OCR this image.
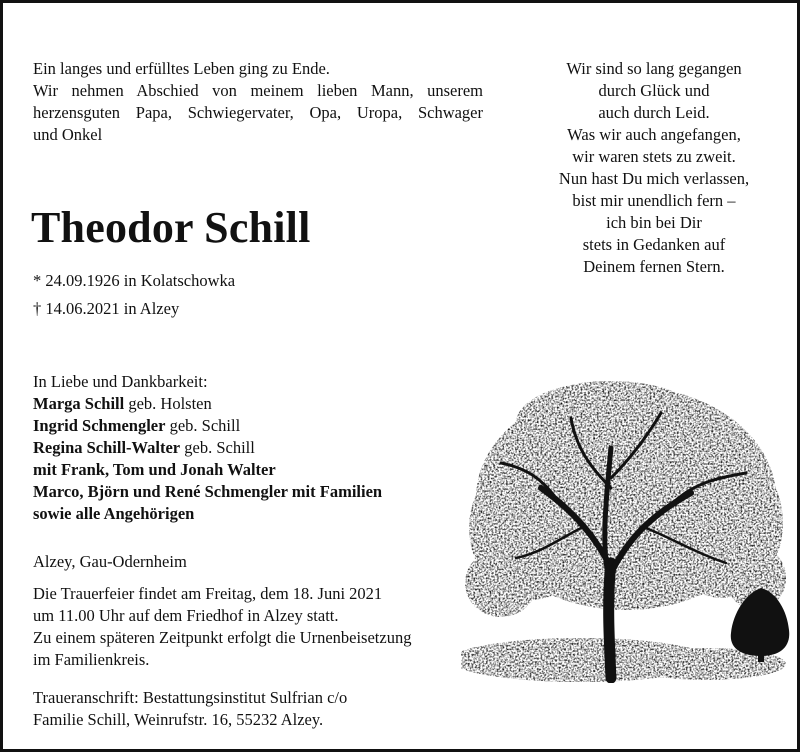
Ein langes und erfülltes Leben ging zu Ende.
Wir nehmen Abschied von meinem lieben Mann, unserem
herzensguten Papa, Schwiegervater, Opa, Uropa, Schwager
und Onkel
Wir sind so lang gegangen
durch Glück und
auch durch Leid.
Was wir auch angefangen,
wir waren stets zu zweit.
Nun hast Du mich verlassen,
bist mir unendlich fern –
ich bin bei Dir
stets in Gedanken auf
Deinem fernen Stern.
Theodor Schill
* 24.09.1926 in Kolatschowka
† 14.06.2021 in Alzey
In Liebe und Dankbarkeit:
Marga Schill geb. Holsten
Ingrid Schmengler geb. Schill
Regina Schill-Walter geb. Schill
mit Frank, Tom und Jonah Walter
Marco, Björn und René Schmengler mit Familien
sowie alle Angehörigen
Alzey, Gau-Odernheim
Die Trauerfeier findet am Freitag, dem 18. Juni 2021
um 11.00 Uhr auf dem Friedhof in Alzey statt.
Zu einem späteren Zeitpunkt erfolgt die Urnenbeisetzung
im Familienkreis.
Traueranschrift: Bestattungsinstitut Sulfrian c/o
Familie Schill, Weinrufstr. 16, 55232 Alzey.
